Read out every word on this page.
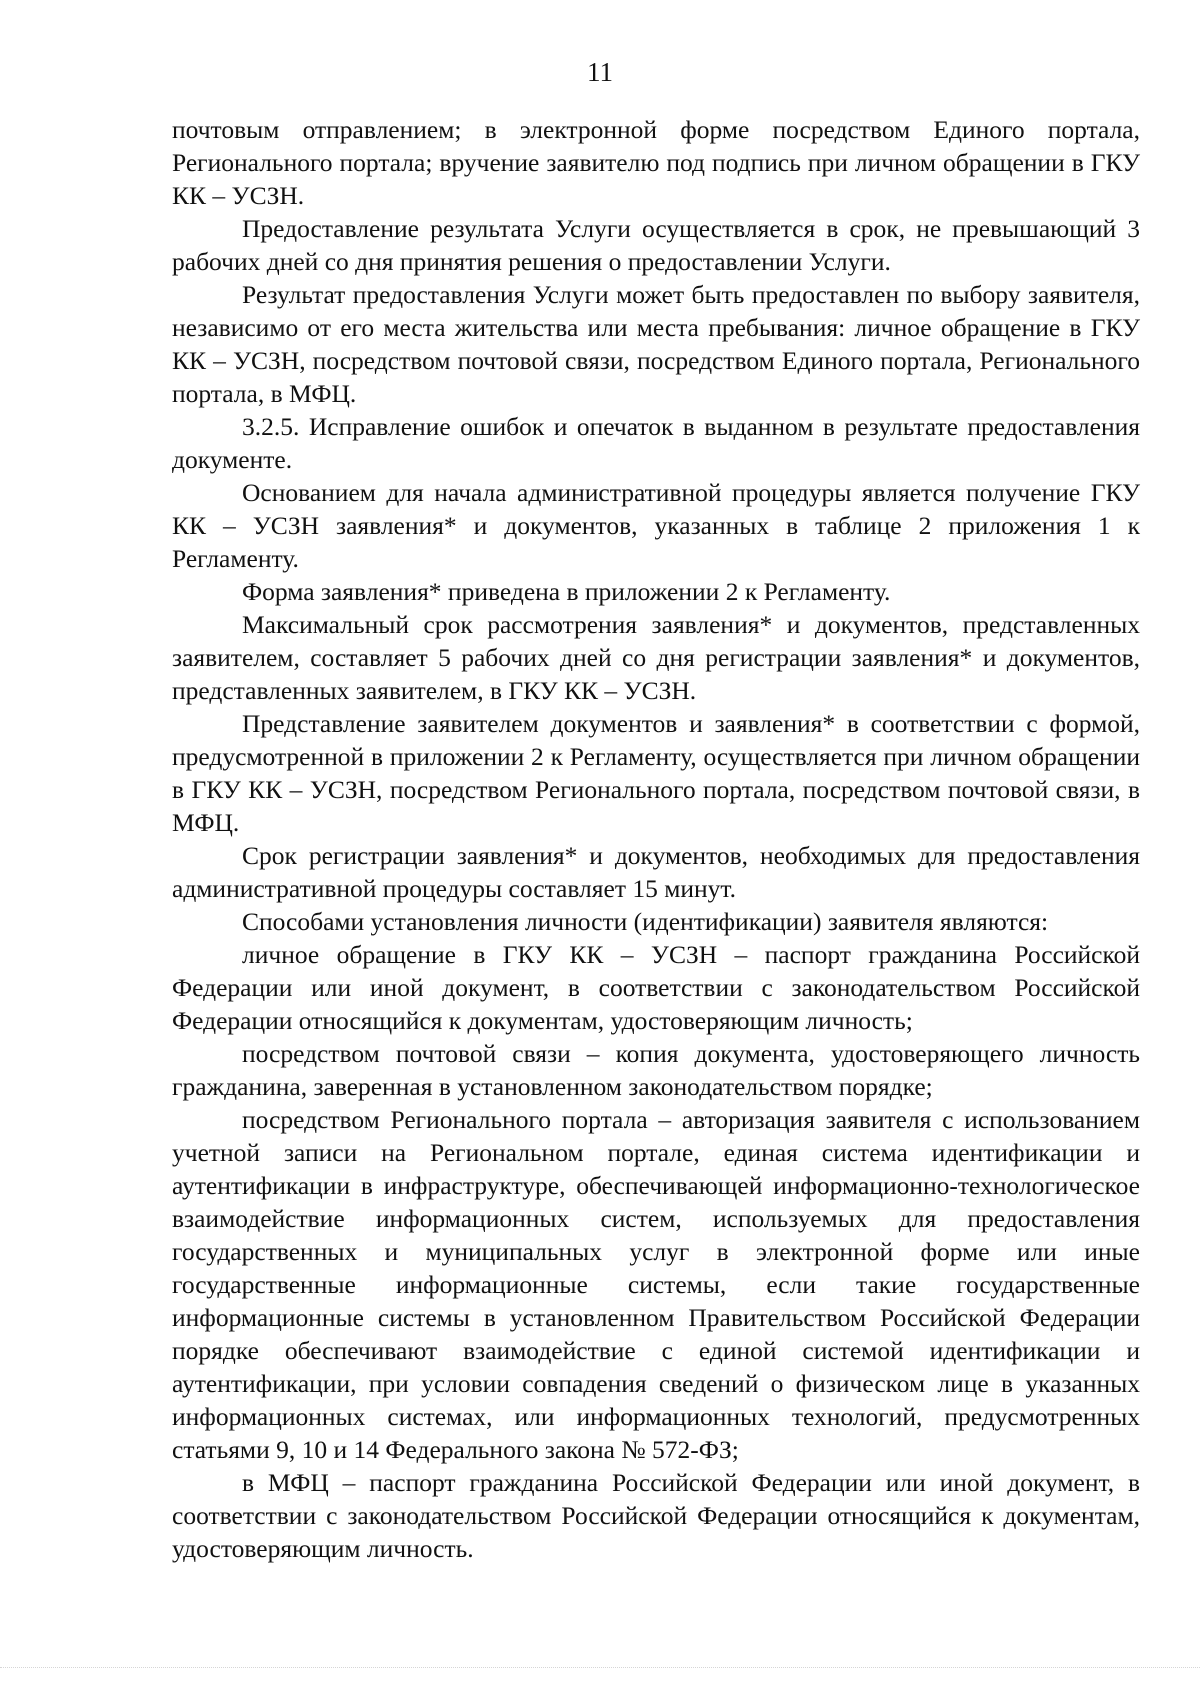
11

почтовым отправлением; в электронной форме посредством Единого портала, Регионального портала; вручение заявителю под подпись при личном обращении в ГКУ КК – УСЗН.

Предоставление результата Услуги осуществляется в срок, не превышающий 3 рабочих дней со дня принятия решения о предоставлении Услуги.

Результат предоставления Услуги может быть предоставлен по выбору заявителя, независимо от его места жительства или места пребывания: личное обращение в ГКУ КК – УСЗН, посредством почтовой связи, посредством Единого портала, Регионального портала, в МФЦ.

3.2.5. Исправление ошибок и опечаток в выданном в результате предоставления документе.

Основанием для начала административной процедуры является получение ГКУ КК – УСЗН заявления* и документов, указанных в таблице 2 приложения 1 к Регламенту.

Форма заявления* приведена в приложении 2 к Регламенту.

Максимальный срок рассмотрения заявления* и документов, представленных заявителем, составляет 5 рабочих дней со дня регистрации заявления* и документов, представленных заявителем, в ГКУ КК – УСЗН.

Представление заявителем документов и заявления* в соответствии с формой, предусмотренной в приложении 2 к Регламенту, осуществляется при личном обращении в ГКУ КК – УСЗН, посредством Регионального портала, посредством почтовой связи, в МФЦ.

Срок регистрации заявления* и документов, необходимых для предоставления административной процедуры составляет 15 минут.

Способами установления личности (идентификации) заявителя являются:

личное обращение в ГКУ КК – УСЗН – паспорт гражданина Российской Федерации или иной документ, в соответствии с законодательством Российской Федерации относящийся к документам, удостоверяющим личность;

посредством почтовой связи – копия документа, удостоверяющего личность гражданина, заверенная в установленном законодательством порядке;

посредством Регионального портала – авторизация заявителя с использованием учетной записи на Региональном портале, единая система идентификации и аутентификации в инфраструктуре, обеспечивающей информационно-технологическое взаимодействие информационных систем, используемых для предоставления государственных и муниципальных услуг в электронной форме или иные государственные информационные системы, если такие государственные информационные системы в установленном Правительством Российской Федерации порядке обеспечивают взаимодействие с единой системой идентификации и аутентификации, при условии совпадения сведений о физическом лице в указанных информационных системах, или информационных технологий, предусмотренных статьями 9, 10 и 14 Федерального закона № 572-ФЗ;

в МФЦ – паспорт гражданина Российской Федерации или иной документ, в соответствии с законодательством Российской Федерации относящийся к документам, удостоверяющим личность.
